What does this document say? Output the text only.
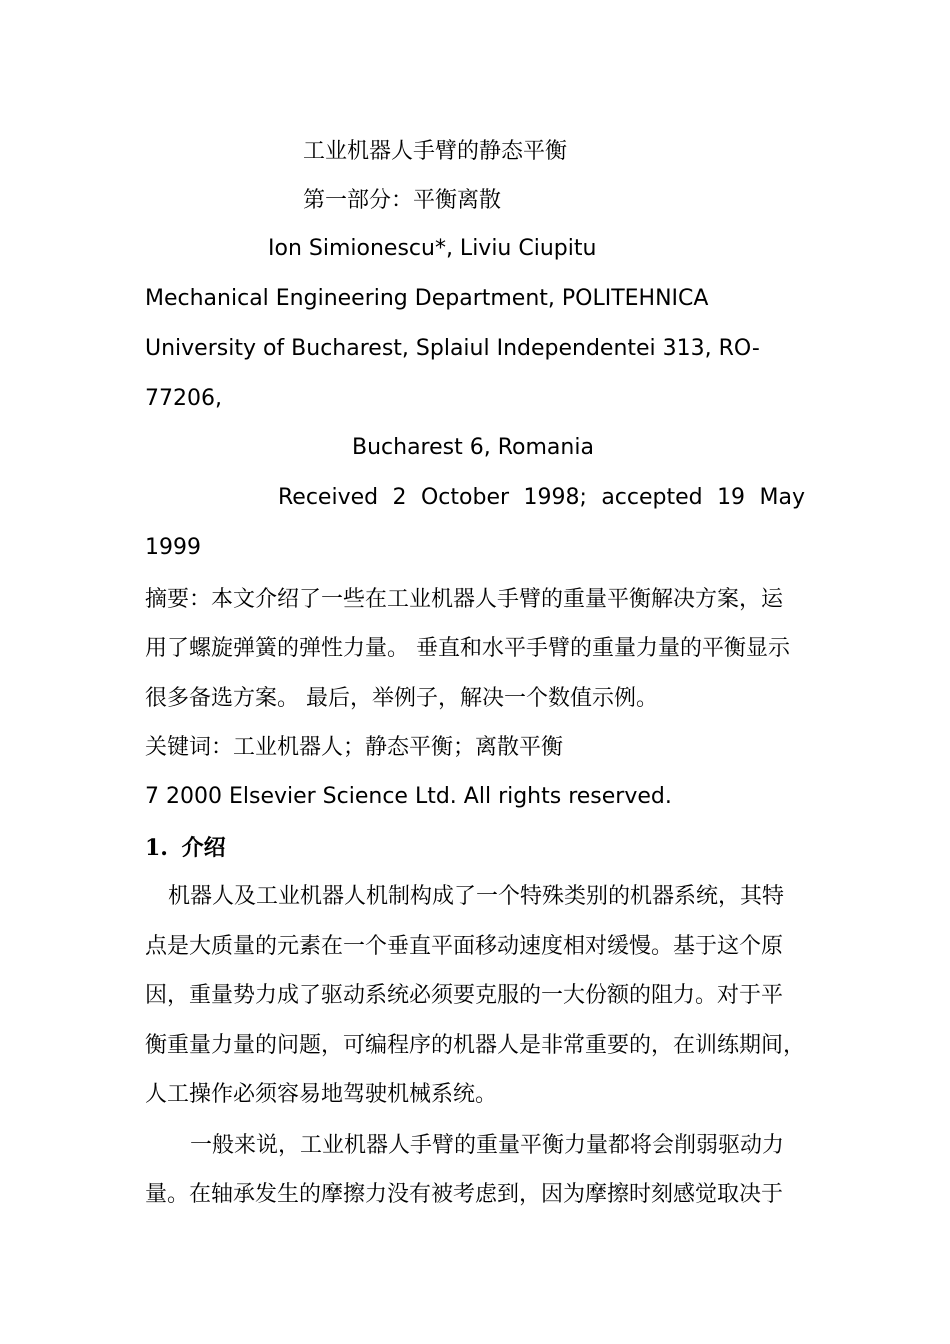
工业机器人手臂的静态平衡
第一部分：平衡离散
Ion Simionescu*, Liviu Ciupitu
Mechanical Engineering Department, POLITEHNICA
University of Bucharest, Splaiul Independentei 313, RO-
77206,
Bucharest 6, Romania
Received 2 October 1998; accepted 19 May
1999
摘要：本文介绍了一些在工业机器人手臂的重量平衡解决方案，运
用了螺旋弹簧的弹性力量。 垂直和水平手臂的重量力量的平衡显示
很多备选方案。 最后，举例子，解决一个数值示例。
关键词：工业机器人；静态平衡；离散平衡
7 2000 Elsevier Science Ltd. All rights reserved.
1. 介绍
机器人及工业机器人机制构成了一个特殊类别的机器系统，其特
点是大质量的元素在一个垂直平面移动速度相对缓慢。基于这个原
因，重量势力成了驱动系统必须要克服的一大份额的阻力。对于平
衡重量力量的问题，可编程序的机器人是非常重要的，在训练期间，
人工操作必须容易地驾驶机械系统。
一般来说，工业机器人手臂的重量平衡力量都将会削弱驱动力
量。在轴承发生的摩擦力没有被考虑到，因为摩擦时刻感觉取决于
